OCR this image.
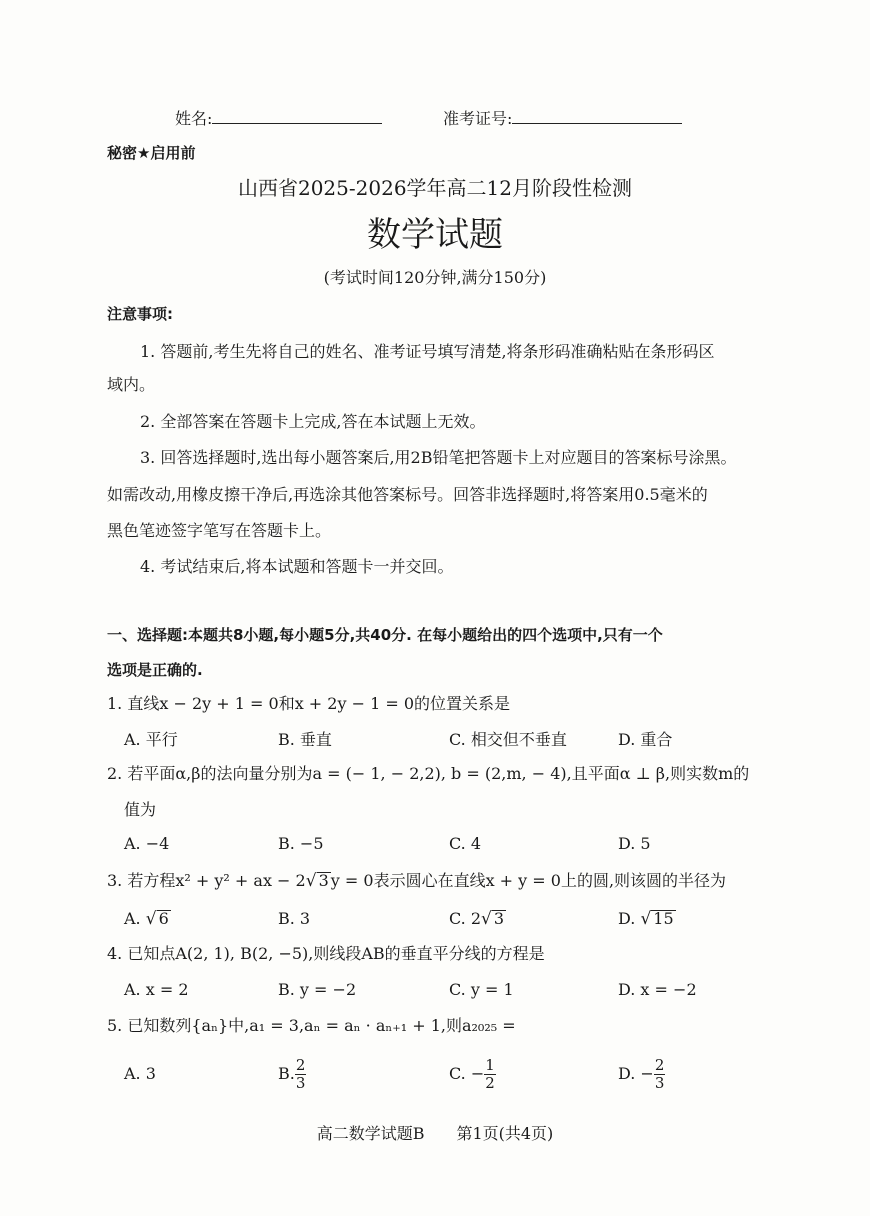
姓名:	准考证号:
秘密★启用前
山西省2025-2026学年高二12月阶段性检测
数学试题
(考试时间120分钟,满分150分)
注意事项:
1. 答题前,考生先将自己的姓名、准考证号填写清楚,将条形码准确粘贴在条形码区
域内。
2. 全部答案在答题卡上完成,答在本试题上无效。
3. 回答选择题时,选出每小题答案后,用2B铅笔把答题卡上对应题目的答案标号涂黑。
如需改动,用橡皮擦干净后,再选涂其他答案标号。回答非选择题时,将答案用0.5毫米的
黑色笔迹签字笔写在答题卡上。
4. 考试结束后,将本试题和答题卡一并交回。
一、选择题:本题共8小题,每小题5分,共40分. 在每小题给出的四个选项中,只有一个
选项是正确的.
1. 直线x − 2y + 1 = 0和x + 2y − 1 = 0的位置关系是
A. 平行	B. 垂直	C. 相交但不垂直	D. 重合
2. 若平面α,β的法向量分别为a = (− 1, − 2,2), b = (2,m, − 4),且平面α ⊥ β,则实数m的
值为
A. −4	B. −5	C. 4	D. 5
3. 若方程x² + y² + ax − 2√ 3 y = 0表示圆心在直线x + y = 0上的圆,则该圆的半径为
A. √ 6	B. 3	C. 2√ 3	D. √ 15
4. 已知点A(2, 1), B(2, −5),则线段AB的垂直平分线的方程是
A. x = 2	B. y = −2	C. y = 1	D. x = −2
5. 已知数列{aₙ}中,a₁ = 3,aₙ = aₙ · aₙ₊₁ + 1,则a₂₀₂₅ =
A. 3	B. $\frac{2}{3}$	C. − $\frac{1}{2}$	D. − $\frac{2}{3}$
高二数学试题B　　第1页(共4页)
